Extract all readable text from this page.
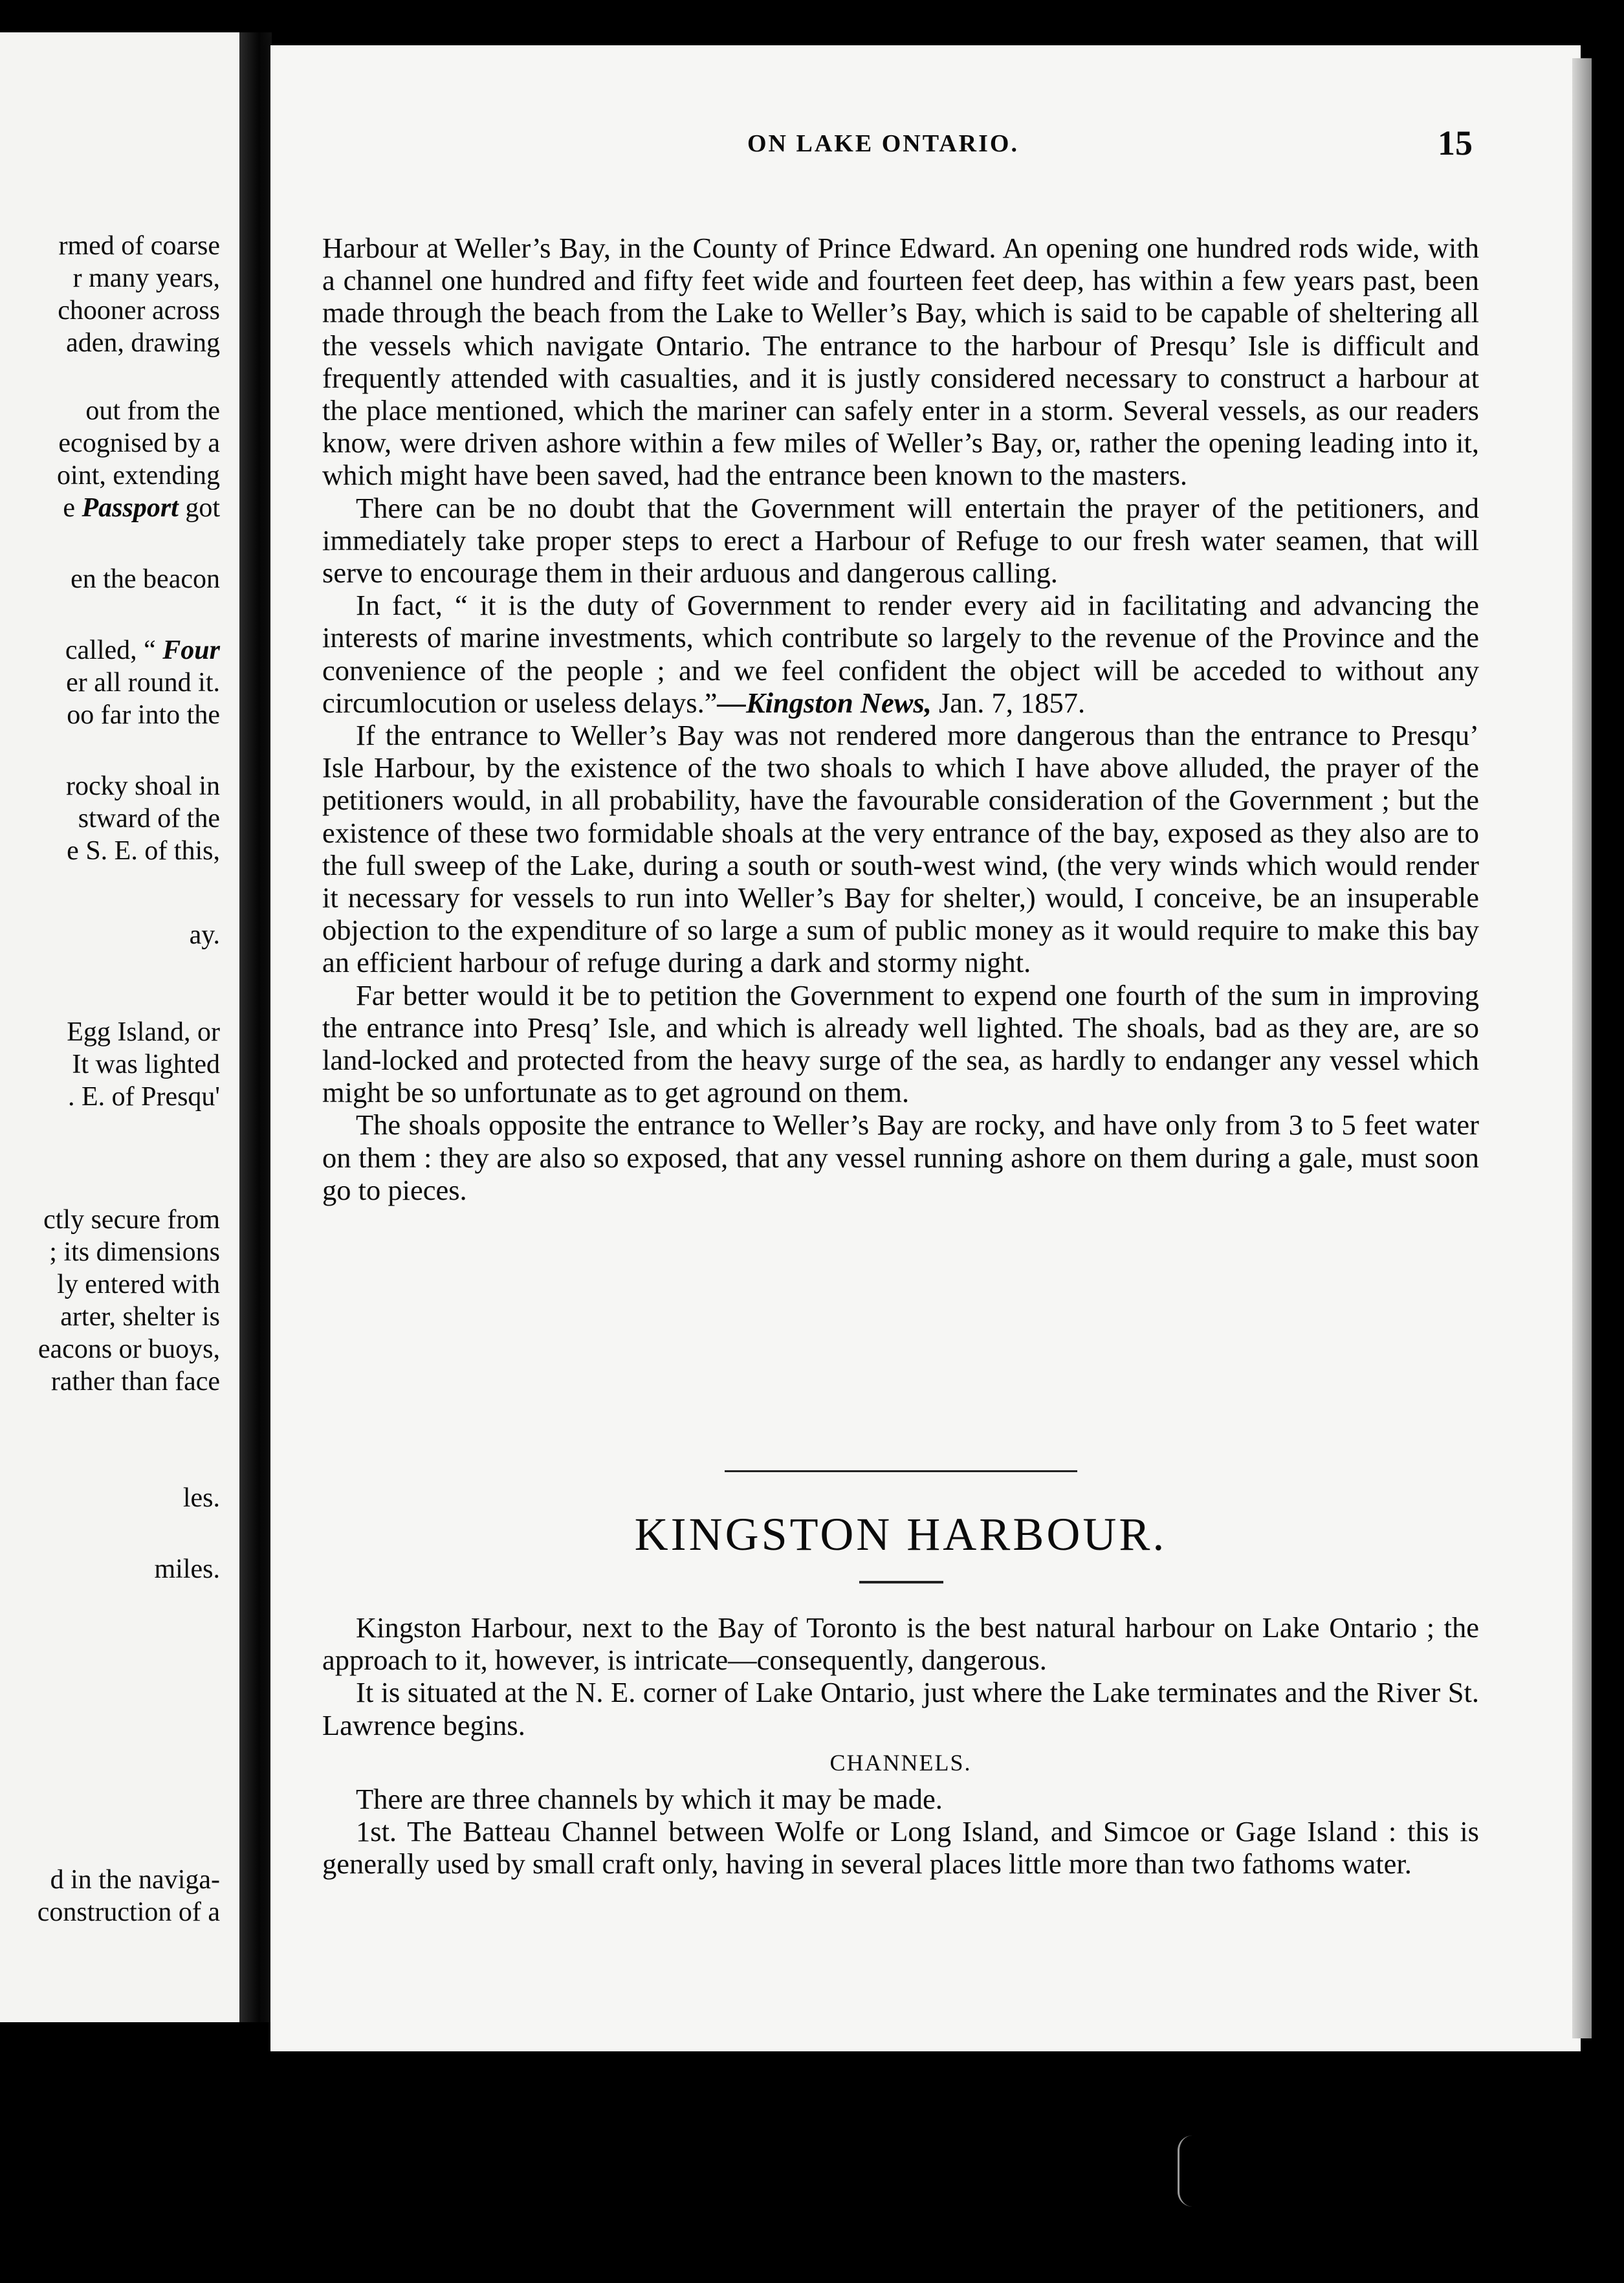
rmed of coarse
r many years,
chooner across
aden, drawing
out from the
ecognised by a
oint, extending
e Passport got
en the beacon
called, “ Four
er all round it.
oo far into the
rocky shoal in
stward of the
e S. E. of this,
ay.
Egg Island, or
It was lighted
. E. of Presqu'
ctly secure from
; its dimensions
ly entered with
arter, shelter is
eacons or buoys,
rather than face
les.
miles.
d in the naviga-
construction of a
ON LAKE ONTARIO.	15

Harbour at Weller’s Bay, in the County of Prince Edward. An opening one hundred rods wide, with a channel one hundred and fifty feet wide and fourteen feet deep, has within a few years past, been made through the beach from the Lake to Weller’s Bay, which is said to be capable of sheltering all the vessels which navigate Ontario. The entrance to the harbour of Presqu’ Isle is difficult and frequently attended with casualties, and it is justly considered necessary to construct a harbour at the place mentioned, which the mariner can safely enter in a storm. Several vessels, as our readers know, were driven ashore within a few miles of Weller’s Bay, or, rather the opening leading into it, which might have been saved, had the entrance been known to the masters.

There can be no doubt that the Government will entertain the prayer of the petitioners, and immediately take proper steps to erect a Harbour of Refuge to our fresh water seamen, that will serve to encourage them in their arduous and dangerous calling.

In fact, “ it is the duty of Government to render every aid in facilitating and advancing the interests of marine investments, which contribute so largely to the revenue of the Province and the convenience of the people ; and we feel confident the object will be acceded to without any circumlocution or useless delays.”—Kingston News, Jan. 7, 1857.

If the entrance to Weller’s Bay was not rendered more dangerous than the entrance to Presqu’ Isle Harbour, by the existence of the two shoals to which I have above alluded, the prayer of the petitioners would, in all probability, have the favourable consideration of the Government ; but the existence of these two formidable shoals at the very entrance of the bay, exposed as they also are to the full sweep of the Lake, during a south or south-west wind, (the very winds which would render it necessary for vessels to run into Weller’s Bay for shelter,) would, I conceive, be an insuperable objection to the expenditure of so large a sum of public money as it would require to make this bay an efficient harbour of refuge during a dark and stormy night.

Far better would it be to petition the Government to expend one fourth of the sum in improving the entrance into Presq’ Isle, and which is already well lighted. The shoals, bad as they are, are so land-locked and protected from the heavy surge of the sea, as hardly to endanger any vessel which might be so unfortunate as to get aground on them.

The shoals opposite the entrance to Weller’s Bay are rocky, and have only from 3 to 5 feet water on them : they are also so exposed, that any vessel running ashore on them during a gale, must soon go to pieces.

KINGSTON HARBOUR.

Kingston Harbour, next to the Bay of Toronto is the best natural harbour on Lake Ontario ; the approach to it, however, is intricate—consequently, dangerous.

It is situated at the N. E. corner of Lake Ontario, just where the Lake terminates and the River St. Lawrence begins.

CHANNELS.

There are three channels by which it may be made.

1st. The Batteau Channel between Wolfe or Long Island, and Simcoe or Gage Island : this is generally used by small craft only, having in several places little more than two fathoms water.
